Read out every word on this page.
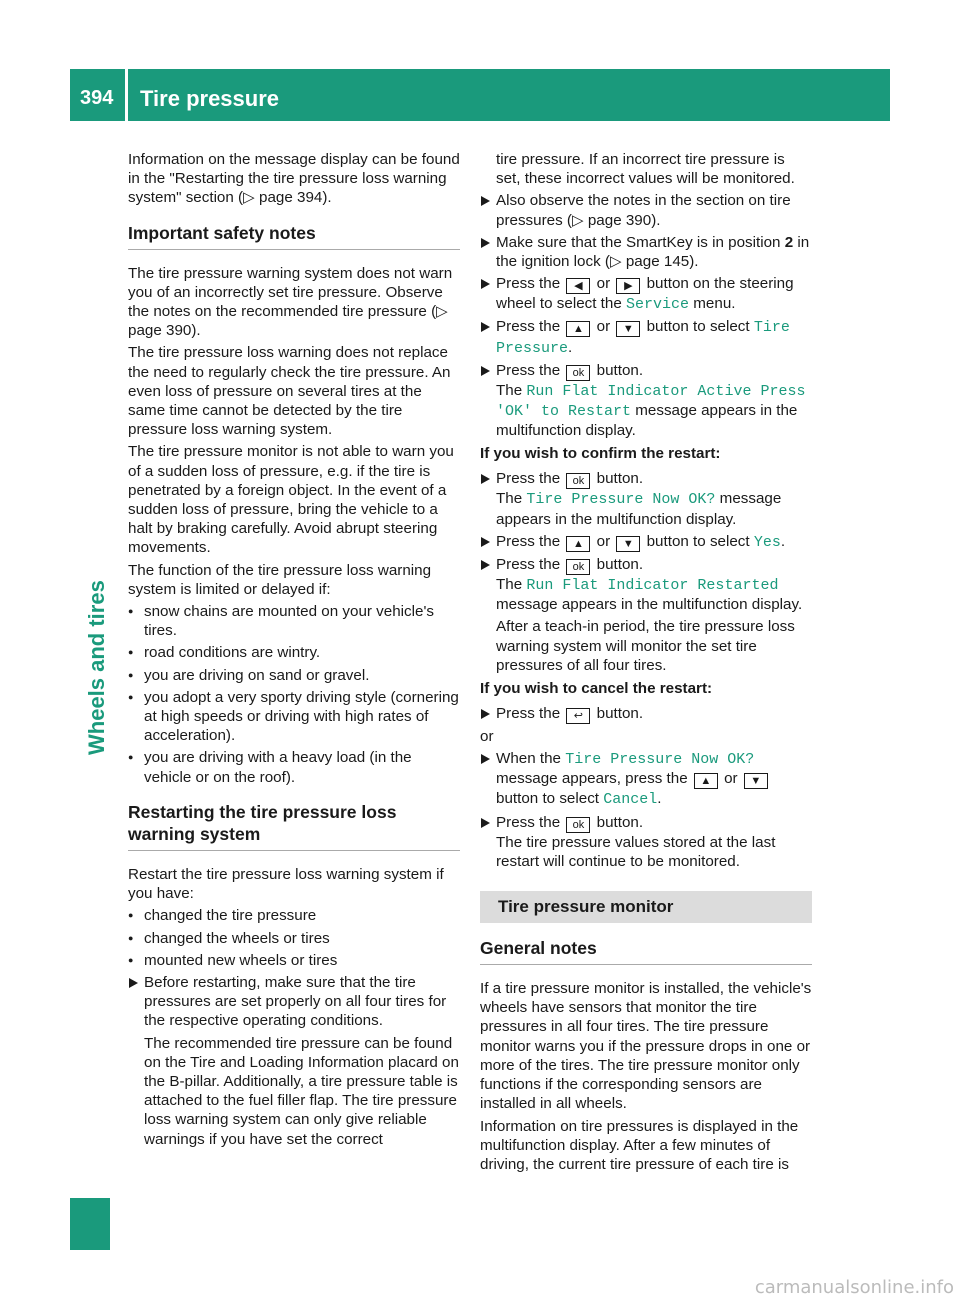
394 Tire pressure
Wheels and tires

Information on the message display can be found in the "Restarting the tire pressure loss warning system" section (▷ page 394).

Important safety notes

The tire pressure warning system does not warn you of an incorrectly set tire pressure. Observe the notes on the recommended tire pressure (▷ page 390).

The tire pressure loss warning does not replace the need to regularly check the tire pressure. An even loss of pressure on several tires at the same time cannot be detected by the tire pressure loss warning system.

The tire pressure monitor is not able to warn you of a sudden loss of pressure, e.g. if the tire is penetrated by a foreign object. In the event of a sudden loss of pressure, bring the vehicle to a halt by braking carefully. Avoid abrupt steering movements.

The function of the tire pressure loss warning system is limited or delayed if:

● snow chains are mounted on your vehicle's tires.
● road conditions are wintry.
● you are driving on sand or gravel.
● you adopt a very sporty driving style (cornering at high speeds or driving with high rates of acceleration).
● you are driving with a heavy load (in the vehicle or on the roof).
Restarting the tire pressure loss warning system

Restart the tire pressure loss warning system if you have:

● changed the tire pressure
● changed the wheels or tires
● mounted new wheels or tires
Before restarting, make sure that the tire pressures are set properly on all four tires for the respective operating conditions.
The recommended tire pressure can be found on the Tire and Loading Information placard on the B-pillar. Additionally, a tire pressure table is attached to the fuel filler flap. The tire pressure loss warning system can only give reliable warnings if you have set the correct
tire pressure. If an incorrect tire pressure is set, these incorrect values will be monitored.
Also observe the notes in the section on tire pressures (▷ page 390).
Make sure that the SmartKey is in position 2 in the ignition lock (▷ page 145).
Press the ◀ or ▶ button on the steering wheel to select the Service menu.
Press the ▲ or ▼ button to select Tire Pressure.
Press the ok button.
The Run Flat Indicator Active Press
'OK' to Restart message appears in the multifunction display.
If you wish to confirm the restart:
Press the ok button.
The Tire Pressure Now OK? message appears in the multifunction display.
Press the ▲ or ▼ button to select Yes.
Press the ok button.
The Run Flat Indicator Restarted message appears in the multifunction display.
After a teach-in period, the tire pressure loss warning system will monitor the set tire pressures of all four tires.
If you wish to cancel the restart:
Press the ↩ button.

or

When the Tire Pressure Now OK? message appears, press the ▲ or ▼ button to select Cancel.
Press the ok button.
The tire pressure values stored at the last restart will continue to be monitored.
Tire pressure monitor
General notes

If a tire pressure monitor is installed, the vehicle's wheels have sensors that monitor the tire pressures in all four tires. The tire pressure monitor warns you if the pressure drops in one or more of the tires. The tire pressure monitor only functions if the corresponding sensors are installed in all wheels.

Information on tire pressures is displayed in the multifunction display. After a few minutes of driving, the current tire pressure of each tire is

carmanualsonline.info
